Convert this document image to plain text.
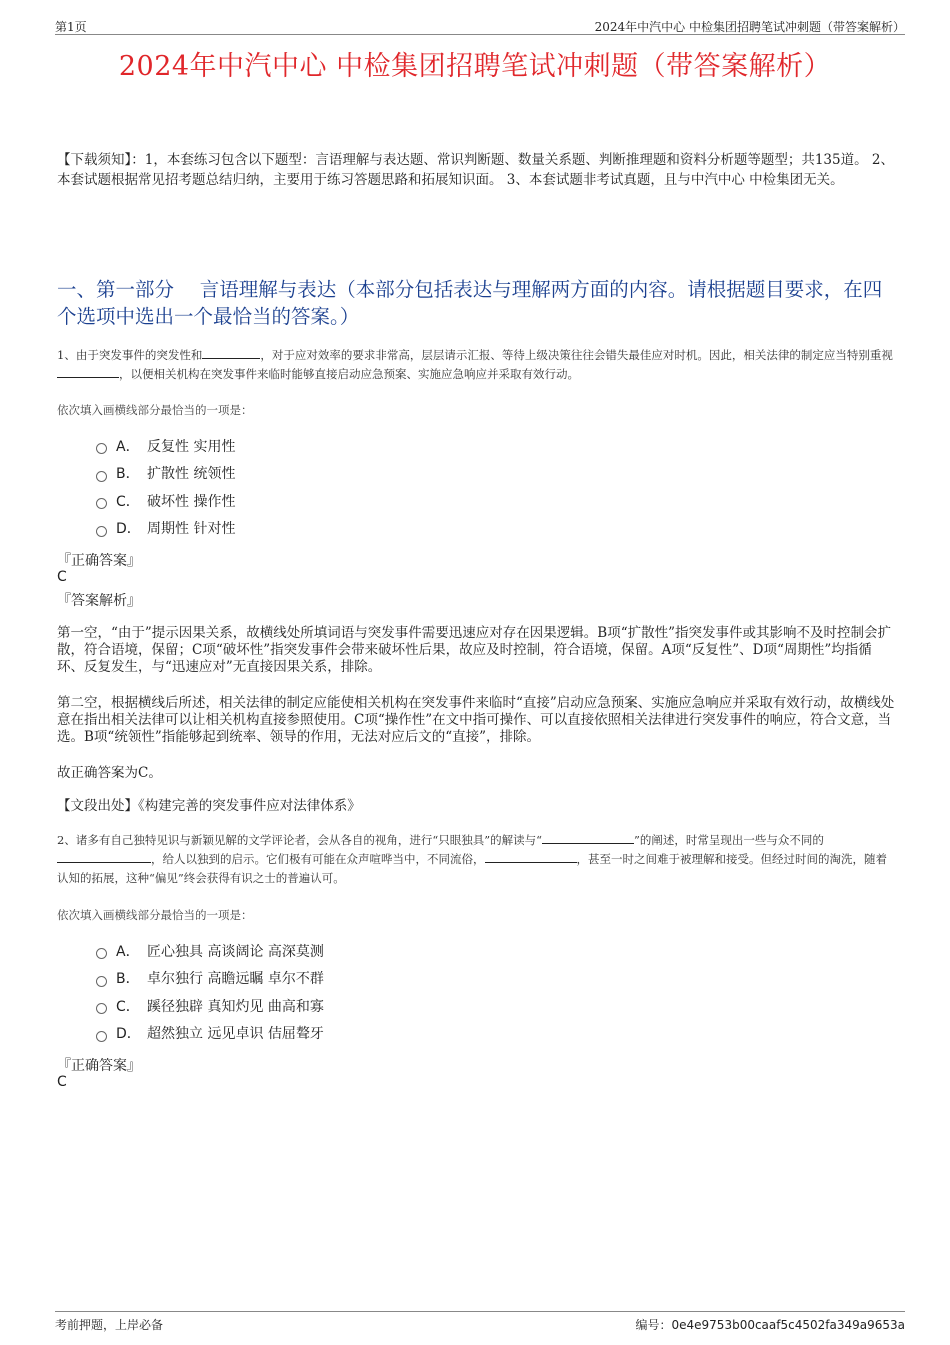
第1页	2024年中汽中心 中检集团招聘笔试冲刺题（带答案解析）
2024年中汽中心 中检集团招聘笔试冲刺题（带答案解析）

【下载须知】：1，本套练习包含以下题型：言语理解与表达题、常识判断题、数量关系题、判断推理题和资料分析题等题型；共135道。 2、本套试题根据常见招考题总结归纳，主要用于练习答题思路和拓展知识面。 3、本套试题非考试真题，且与中汽中心 中检集团无关。

一、第一部分　 言语理解与表达（本部分包括表达与理解两方面的内容。请根据题目要求，在四个选项中选出一个最恰当的答案。）

1、由于突发事件的突发性和	，对于应对效率的要求非常高，层层请示汇报、等待上级决策往往会错失最佳应对时机。因此，相关法律的制定应当特别重视，以便相关机构在突发事件来临时能够直接启动应急预案、实施应急响应并采取有效行动。

依次填入画横线部分最恰当的一项是：

A． 反复性 实用性
B． 扩散性 统领性
C． 破坏性 操作性
D． 周期性 针对性

『正确答案』

C

『答案解析』

第一空，“由于”提示因果关系，故横线处所填词语与突发事件需要迅速应对存在因果逻辑。B项“扩散性”指突发事件或其影响不及时控制会扩散，符合语境，保留；C项“破坏性”指突发事件会带来破坏性后果，故应及时控制，符合语境，保留。A项“反复性”、D项“周期性”均指循环、反复发生，与“迅速应对”无直接因果关系，排除。

第二空，根据横线后所述，相关法律的制定应能使相关机构在突发事件来临时“直接”启动应急预案、实施应急响应并采取有效行动，故横线处意在指出相关法律可以让相关机构直接参照使用。C项“操作性”在文中指可操作、可以直接依照相关法律进行突发事件的响应，符合文意，当选。B项“统领性”指能够起到统率、领导的作用，无法对应后文的“直接”，排除。

故正确答案为C。

【文段出处】《构建完善的突发事件应对法律体系》

2、诸多有自己独特见识与新颖见解的文学评论者，会从各自的视角，进行“只眼独具”的解读与“	”的阐述，时常呈现出一些与众不同的，给人以独到的启示。它们极有可能在众声喧哗当中，不同流俗，	，甚至一时之间难于被理解和接受。但经过时间的淘洗，随着认知的拓展，这种“偏见”终会获得有识之士的普遍认可。

依次填入画横线部分最恰当的一项是：

A． 匠心独具 高谈阔论 高深莫测
B． 卓尔独行 高瞻远瞩 卓尔不群
C． 蹊径独辟 真知灼见 曲高和寡
D． 超然独立 远见卓识 佶屈聱牙

『正确答案』

C

考前押题，上岸必备	编号：0e4e9753b00caaf5c4502fa349a9653a
